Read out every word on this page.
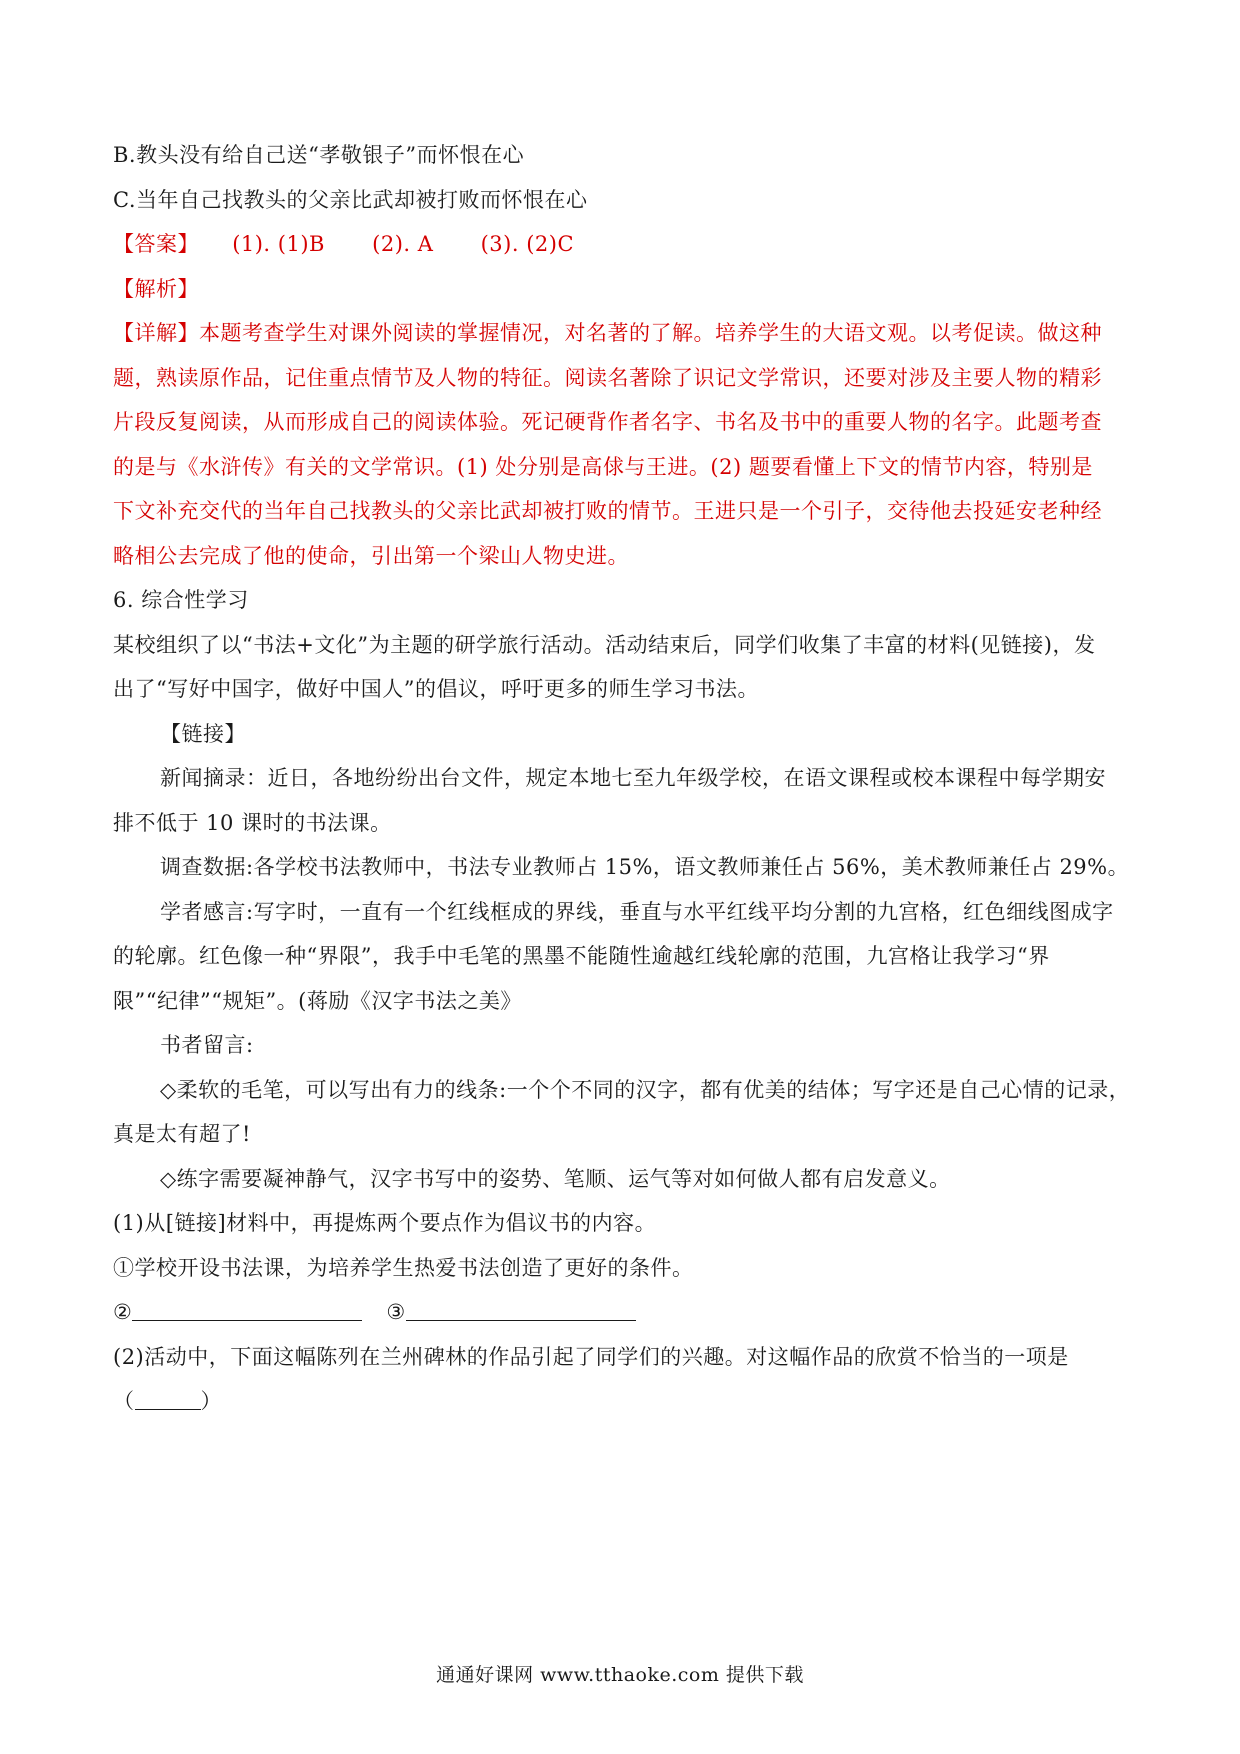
B.教头没有给自己送“孝敬银子”而怀恨在心
C.当年自己找教头的父亲比武却被打败而怀恨在心
【答案】 (1). (1)B (2). A (3). (2)C
【解析】
【详解】本题考查学生对课外阅读的掌握情况，对名著的了解。培养学生的大语文观。以考促读。做这种
题，熟读原作品，记住重点情节及人物的特征。阅读名著除了识记文学常识，还要对涉及主要人物的精彩
片段反复阅读，从而形成自己的阅读体验。死记硬背作者名字、书名及书中的重要人物的名字。此题考查
的是与《水浒传》有关的文学常识。(1) 处分别是高俅与王进。(2) 题要看懂上下文的情节内容，特别是
下文补充交代的当年自己找教头的父亲比武却被打败的情节。王进只是一个引子，交待他去投延安老种经
略相公去完成了他的使命，引出第一个梁山人物史进。
6. 综合性学习
某校组织了以“书法+文化”为主题的研学旅行活动。活动结束后，同学们收集了丰富的材料(见链接)，发
出了“写好中国字，做好中国人”的倡议，呼吁更多的师生学习书法。
【链接】
新闻摘录：近日，各地纷纷出台文件，规定本地七至九年级学校，在语文课程或校本课程中每学期安
排不低于 10 课时的书法课。
调查数据:各学校书法教师中，书法专业教师占 15%，语文教师兼任占 56%，美术教师兼任占 29%。
学者感言:写字时，一直有一个红线框成的界线，垂直与水平红线平均分割的九宫格，红色细线图成字
的轮廓。红色像一种“界限”，我手中毛笔的黑墨不能随性逾越红线轮廓的范围，九宫格让我学习“界
限”“纪律”“规矩”。(蒋励《汉字书法之美》
书者留言:
◇柔软的毛笔，可以写出有力的线条:一个个不同的汉字，都有优美的结体；写字还是自己心情的记录，
真是太有超了!
◇练字需要凝神静气，汉字书写中的姿势、笔顺、运气等对如何做人都有启发意义。
(1)从[链接]材料中，再提炼两个要点作为倡议书的内容。
①学校开设书法课，为培养学生热爱书法创造了更好的条件。
②	③
(2)活动中，下面这幅陈列在兰州碑林的作品引起了同学们的兴趣。对这幅作品的欣赏不恰当的一项是
（	）
通通好课网 www.tthaoke.com 提供下载
